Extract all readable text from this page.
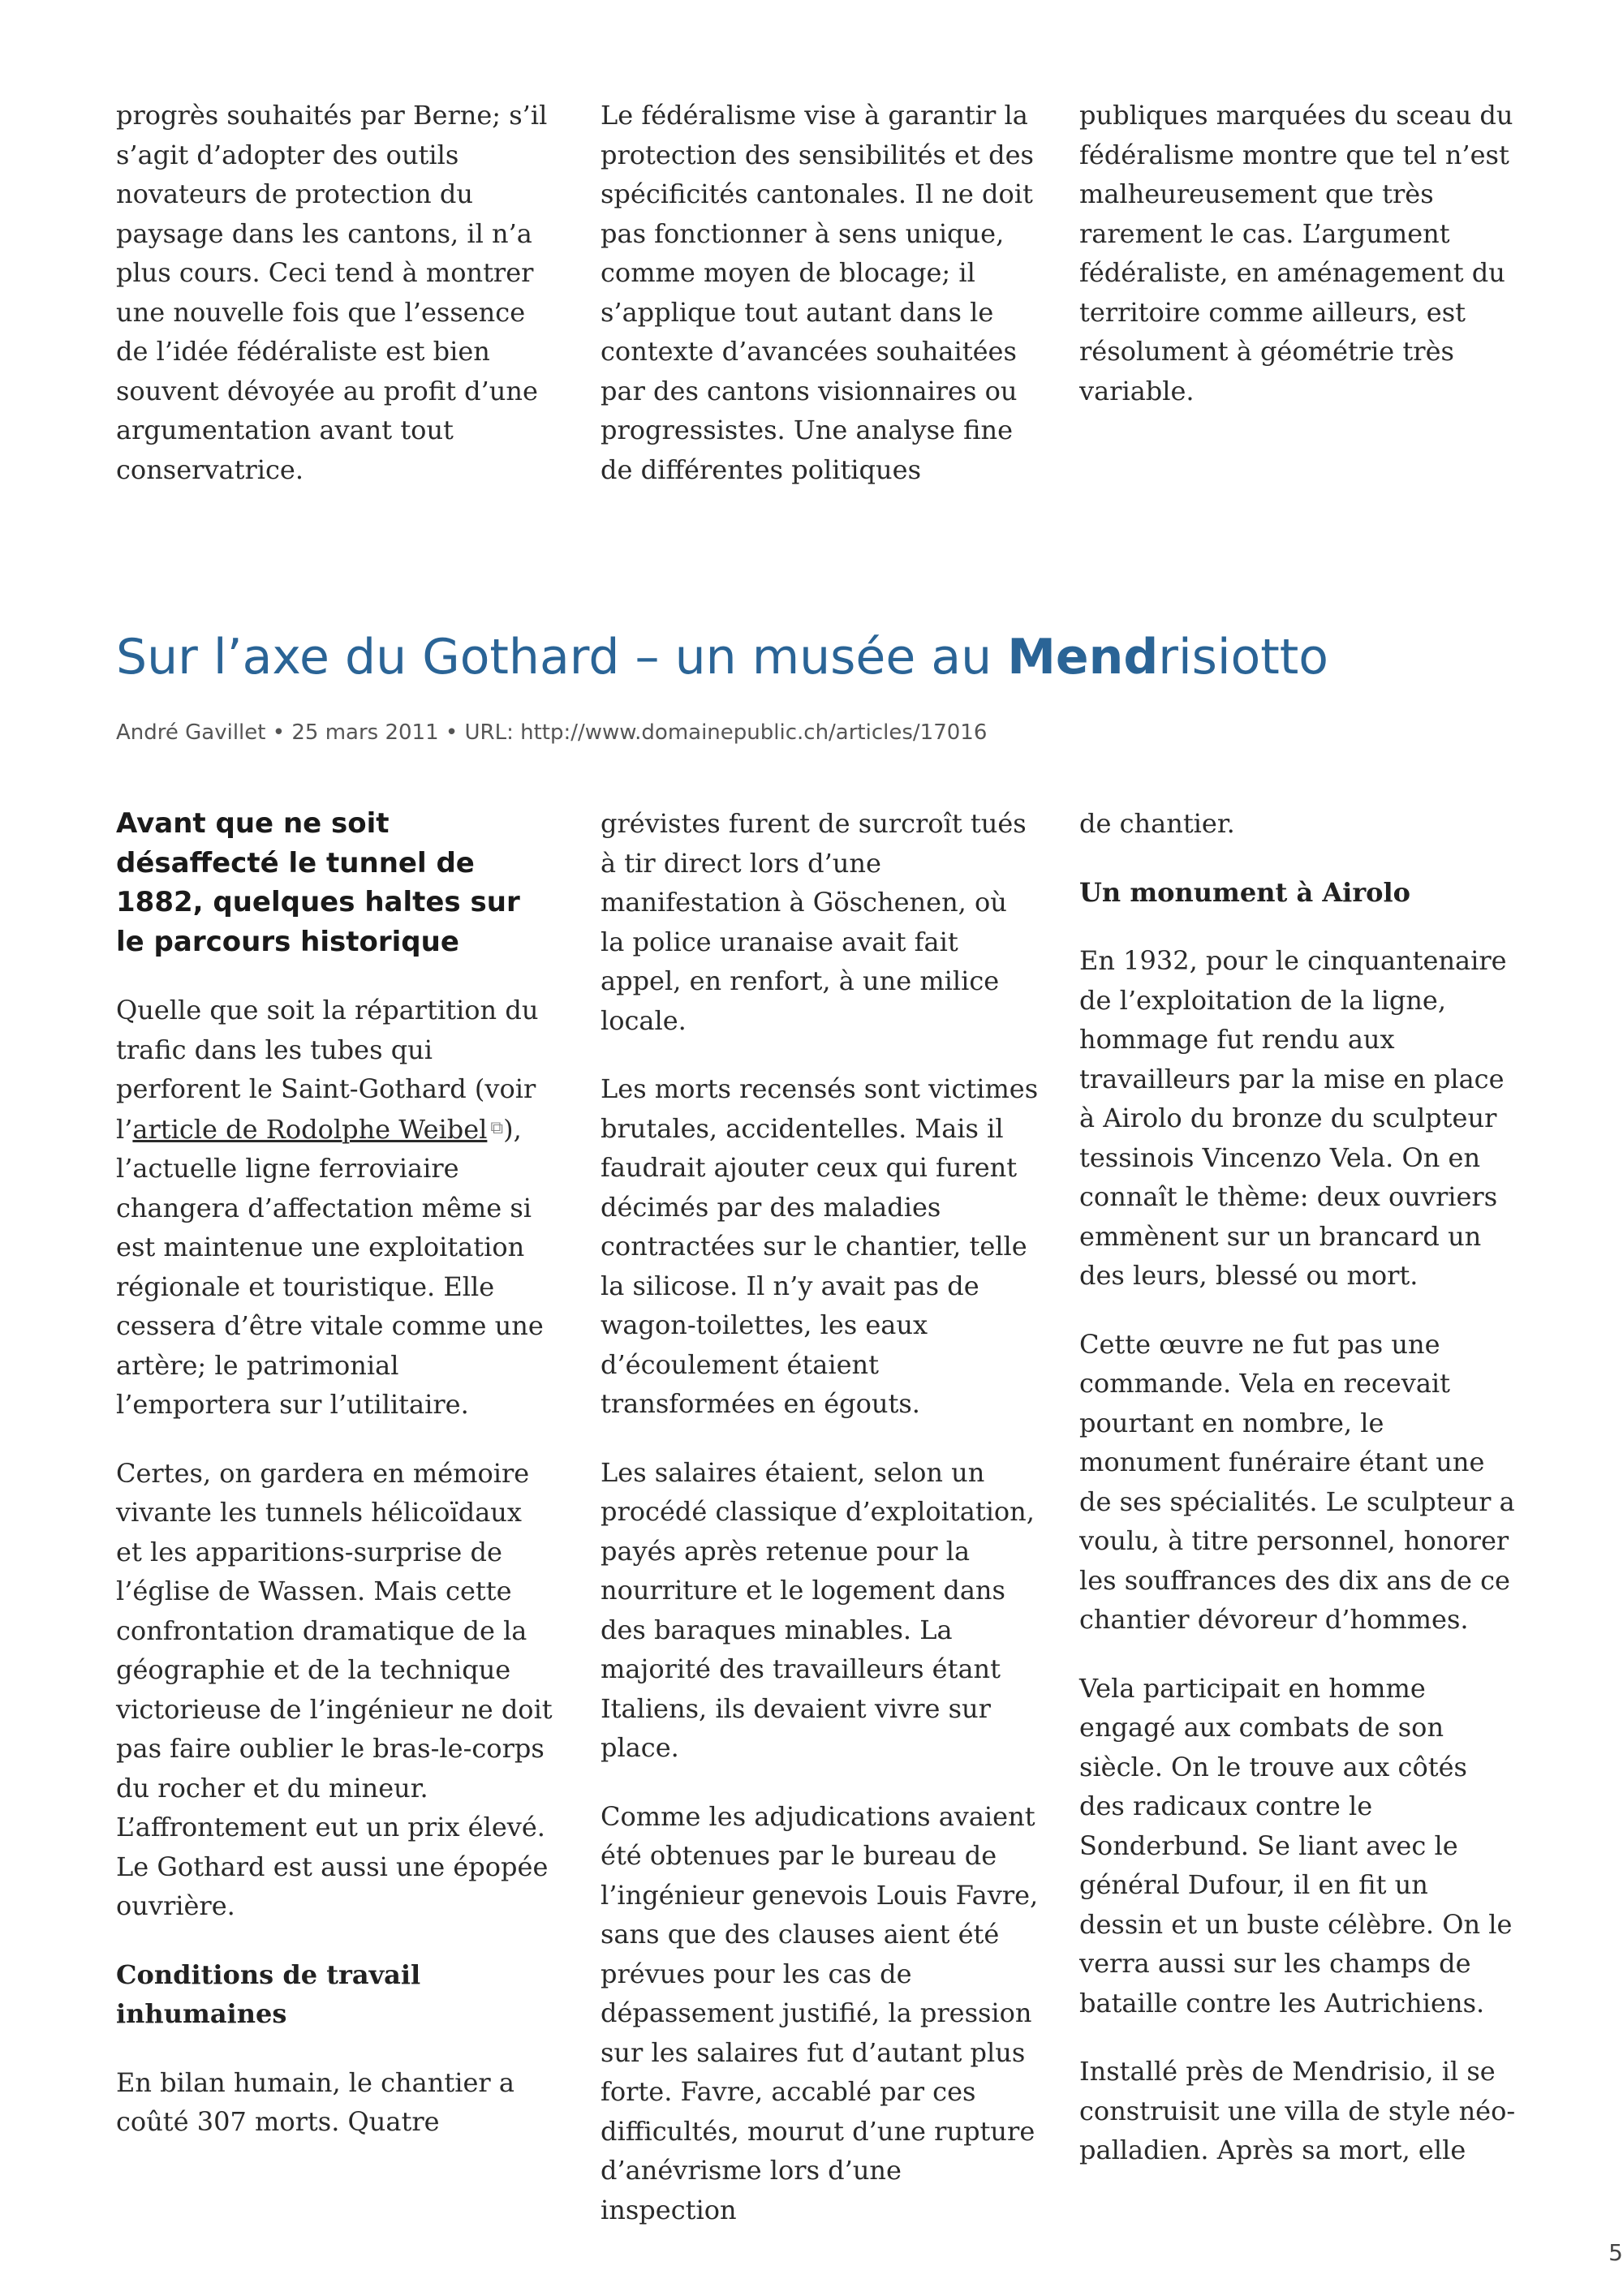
progrès souhaités par Berne; s’il s’agit d’adopter des outils novateurs de protection du paysage dans les cantons, il n’a plus cours. Ceci tend à montrer une nouvelle fois que l’essence de l’idée fédéraliste est bien souvent dévoyée au profit d’une argumentation avant tout conservatrice.

Le fédéralisme vise à garantir la protection des sensibilités et des spécificités cantonales. Il ne doit pas fonctionner à sens unique, comme moyen de blocage; il s’applique tout autant dans le contexte d’avancées souhaitées par des cantons visionnaires ou progressistes. Une analyse fine de différentes politiques

publiques marquées du sceau du fédéralisme montre que tel n’est malheureusement que très rarement le cas. L’argument fédéraliste, en aménagement du territoire comme ailleurs, est résolument à géométrie très variable.

Sur l’axe du Gothard – un musée au Mendrisiotto
André Gavillet • 25 mars 2011 • URL: http://www.domainepublic.ch/articles/17016
Avant que ne soit désaffecté le tunnel de 1882, quelques haltes sur le parcours historique

Quelle que soit la répartition du trafic dans les tubes qui perforent le Saint-Gothard (voir l’article de Rodolphe Weibel ⧉), l’actuelle ligne ferroviaire changera d’affectation même si est maintenue une exploitation régionale et touristique. Elle cessera d’être vitale comme une artère; le patrimonial l’emportera sur l’utilitaire.

Certes, on gardera en mémoire vivante les tunnels hélicoïdaux et les apparitions-surprise de l’église de Wassen. Mais cette confrontation dramatique de la géographie et de la technique victorieuse de l’ingénieur ne doit pas faire oublier le bras-le-corps du rocher et du mineur. L’affrontement eut un prix élevé. Le Gothard est aussi une épopée ouvrière.

Conditions de travail inhumaines

En bilan humain, le chantier a coûté 307 morts. Quatre

grévistes furent de surcroît tués à tir direct lors d’une manifestation à Göschenen, où la police uranaise avait fait appel, en renfort, à une milice locale.

Les morts recensés sont victimes brutales, accidentelles. Mais il faudrait ajouter ceux qui furent décimés par des maladies contractées sur le chantier, telle la silicose. Il n’y avait pas de wagon-toilettes, les eaux d’écoulement étaient transformées en égouts.

Les salaires étaient, selon un procédé classique d’exploitation, payés après retenue pour la nourriture et le logement dans des baraques minables. La majorité des travailleurs étant Italiens, ils devaient vivre sur place.

Comme les adjudications avaient été obtenues par le bureau de l’ingénieur genevois Louis Favre, sans que des clauses aient été prévues pour les cas de dépassement justifié, la pression sur les salaires fut d’autant plus forte. Favre, accablé par ces difficultés, mourut d’une rupture d’anévrisme lors d’une inspection

de chantier.

Un monument à Airolo

En 1932, pour le cinquantenaire de l’exploitation de la ligne, hommage fut rendu aux travailleurs par la mise en place à Airolo du bronze du sculpteur tessinois Vincenzo Vela. On en connaît le thème: deux ouvriers emmènent sur un brancard un des leurs, blessé ou mort.

Cette œuvre ne fut pas une commande. Vela en recevait pourtant en nombre, le monument funéraire étant une de ses spécialités. Le sculpteur a voulu, à titre personnel, honorer les souffrances des dix ans de ce chantier dévoreur d’hommes.

Vela participait en homme engagé aux combats de son siècle. On le trouve aux côtés des radicaux contre le Sonderbund. Se liant avec le général Dufour, il en fit un dessin et un buste célèbre. On le verra aussi sur les champs de bataille contre les Autrichiens.

Installé près de Mendrisio, il se construisit une villa de style néo-palladien. Après sa mort, elle

5
